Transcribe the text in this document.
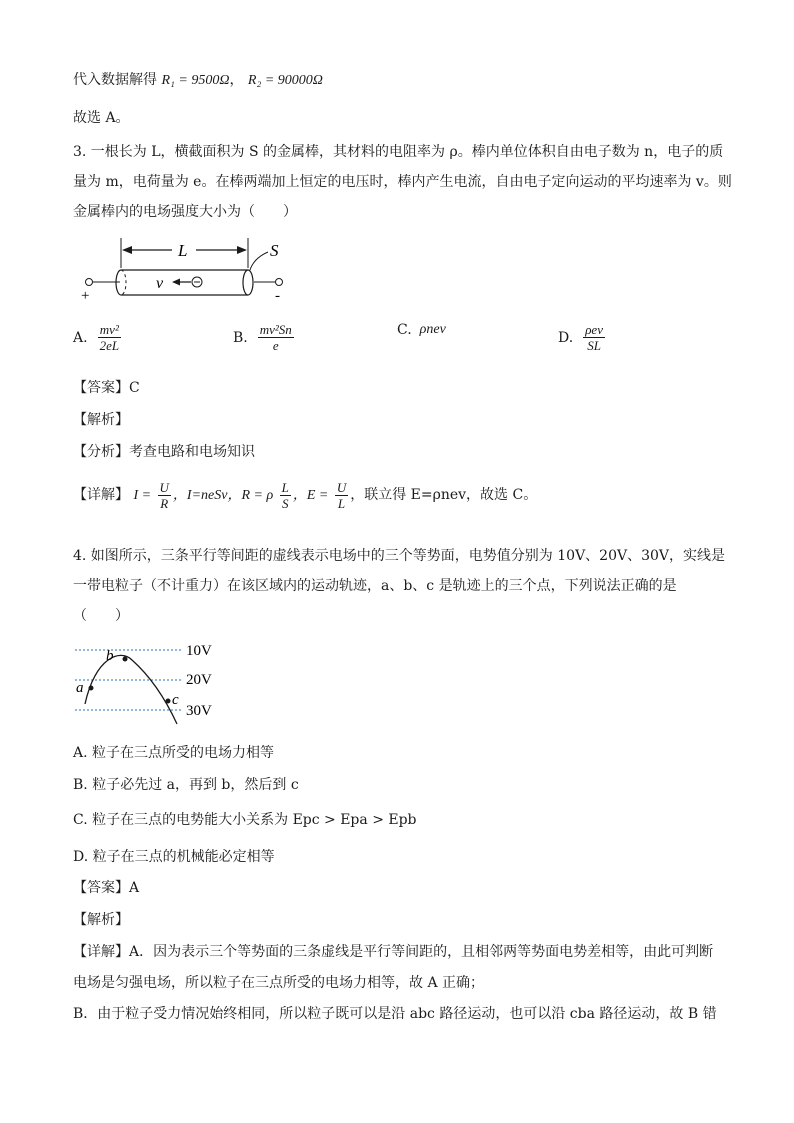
代入数据解得 R₁ = 9500Ω， R₂ = 90000Ω
故选 A。
3. 一根长为 L，横截面积为 S 的金属棒，其材料的电阻率为 ρ。棒内单位体积自由电子数为 n，电子的质
量为 m，电荷量为 e。在棒两端加上恒定的电压时，棒内产生电流，自由电子定向运动的平均速率为 v。则
金属棒内的电场强度大小为（　　）
L	S
v
+	-
A. $\frac{\text{mv²}}{2eL}$	B. $\frac{\text{mv²Sn}}{e}$	C. ρnev	D. $\frac{\text{ρev}}{SL}$
【答案】C
【解析】
【分析】考查电路和电场知识
【详解】 $I = \frac{U}{R}$ ，I=neSv，R = ρ $\frac{L}{S}$ ，$E = \frac{U}{L}$ ，联立得 E=ρnev，故选 C。
4. 如图所示，三条平行等间距的虚线表示电场中的三个等势面，电势值分别为 10V、20V、30V，实线是
一带电粒子（不计重力）在该区域内的运动轨迹，a、b、c 是轨迹上的三个点，下列说法正确的是
（　　）
10V
20V
30V
a
b
c
A. 粒子在三点所受的电场力相等
B. 粒子必先过 a，再到 b，然后到 c
C. 粒子在三点的电势能大小关系为 Epc > Epa > Epb
D. 粒子在三点的机械能必定相等
【答案】A
【解析】
【详解】A．因为表示三个等势面的三条虚线是平行等间距的，且相邻两等势面电势差相等，由此可判断
电场是匀强电场，所以粒子在三点所受的电场力相等，故 A 正确；
B．由于粒子受力情况始终相同，所以粒子既可以是沿 abc 路径运动，也可以沿 cba 路径运动，故 B 错
